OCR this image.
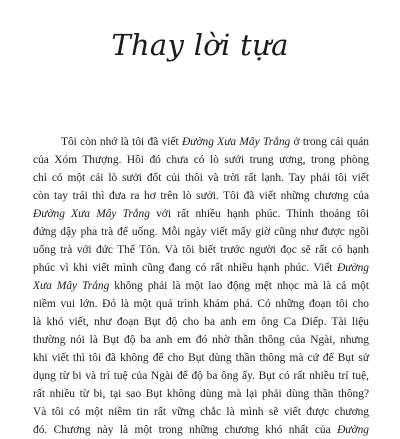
Thay lời tựa
Tôi còn nhớ là tôi đã viết Đường Xưa Mây Trắng ở trong cái quán
của Xóm Thượng. Hồi đó chưa có lò sưởi trung ương, trong phòng
chỉ có một cái lò sưởi đốt củi thôi và trời rất lạnh. Tay phải tôi viết
còn tay trái thì đưa ra hơ trên lò sưởi. Tôi đã viết những chương của
Đường Xưa Mây Trắng với rất nhiều hạnh phúc. Thỉnh thoảng tôi
đứng dậy pha trà để uống. Mỗi ngày viết mấy giờ cũng như được ngồi
uống trà với đức Thế Tôn. Và tôi biết trước người đọc sẽ rất có hạnh
phúc vì khi viết mình cũng đang có rất nhiều hạnh phúc. Viết Đường
Xưa Mây Trắng không phải là một lao động mệt nhọc mà là cả một
niềm vui lớn. Đó là một quá trình khám phá. Có những đoạn tôi cho
là khó viết, như đoạn Bụt độ cho ba anh em ông Ca Diếp. Tài liệu
thường nói là Bụt độ ba anh em đó nhờ thần thông của Ngài, nhưng
khi viết thì tôi đã không để cho Bụt dùng thần thông mà cứ để Bụt sử
dụng từ bi và trí tuệ của Ngài để độ ba ông ấy. Bụt có rất nhiều trí tuệ,
rất nhiều từ bi, tại sao Bụt không dùng mà lại phải dùng thần thông?
Và tôi có một niềm tin rất vững chắc là mình sẽ viết được chương
đó. Chương này là một trong những chương khó nhất của Đường
